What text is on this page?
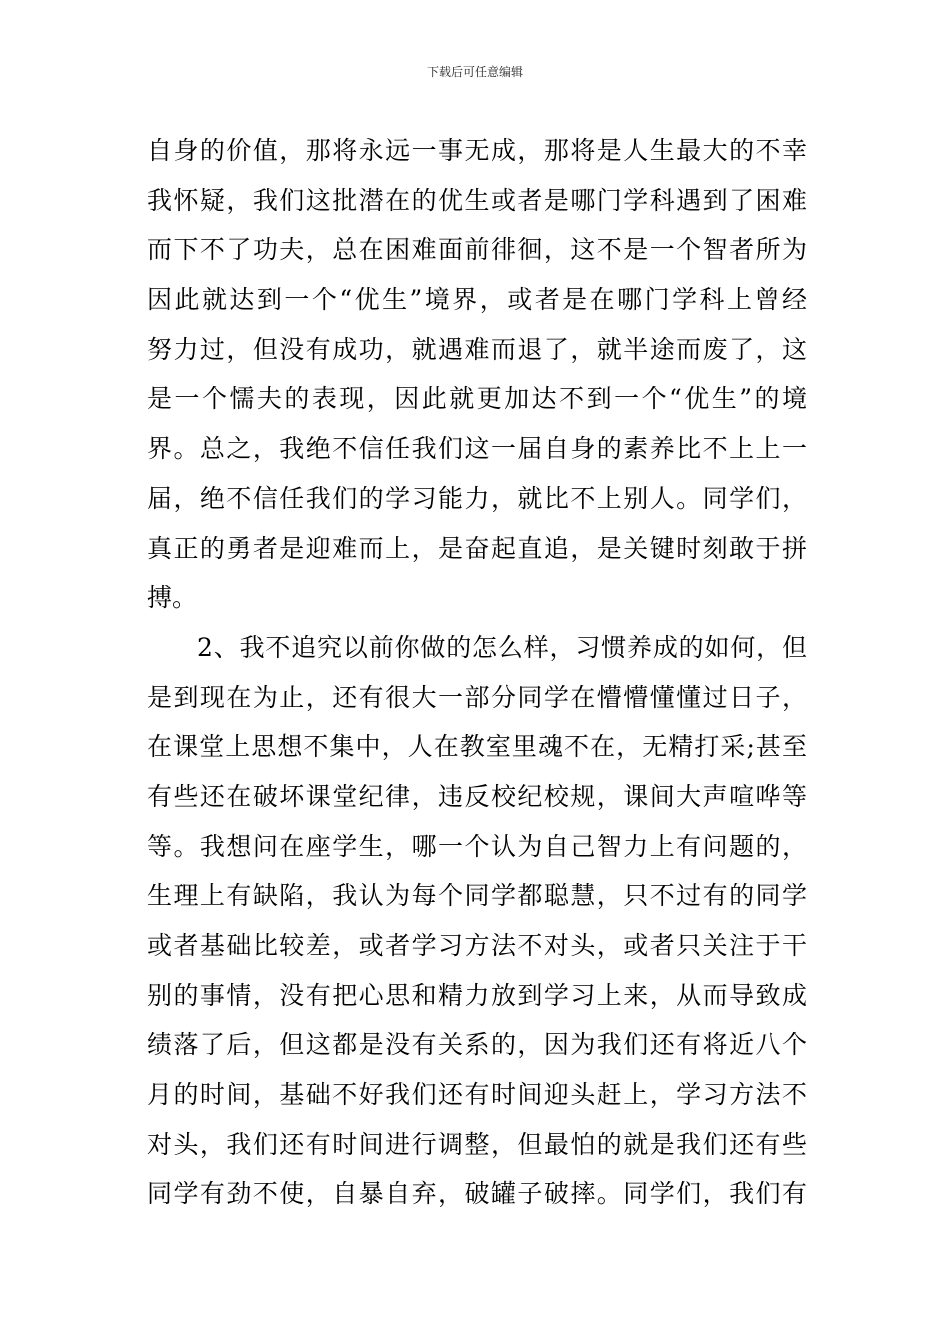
下载后可任意编辑
自身的价值，那将永远一事无成，那将是人生最大的不幸
我怀疑，我们这批潜在的优生或者是哪门学科遇到了困难
而下不了功夫，总在困难面前徘徊，这不是一个智者所为
因此就达到一个“优生”境界，或者是在哪门学科上曾经
努力过，但没有成功，就遇难而退了，就半途而废了，这
是一个懦夫的表现，因此就更加达不到一个“优生”的境
界。总之，我绝不信任我们这一届自身的素养比不上上一
届，绝不信任我们的学习能力，就比不上别人。同学们，
真正的勇者是迎难而上，是奋起直追，是关键时刻敢于拼
搏。
2、我不追究以前你做的怎么样，习惯养成的如何，但
是到现在为止，还有很大一部分同学在懵懵懂懂过日子，
在课堂上思想不集中，人在教室里魂不在，无精打采;甚至
有些还在破坏课堂纪律，违反校纪校规，课间大声喧哗等
等。我想问在座学生，哪一个认为自己智力上有问题的，
生理上有缺陷，我认为每个同学都聪慧，只不过有的同学
或者基础比较差，或者学习方法不对头，或者只关注于干
别的事情，没有把心思和精力放到学习上来，从而导致成
绩落了后，但这都是没有关系的，因为我们还有将近八个
月的时间，基础不好我们还有时间迎头赶上，学习方法不
对头，我们还有时间进行调整，但最怕的就是我们还有些
同学有劲不使，自暴自弃，破罐子破摔。同学们，我们有
